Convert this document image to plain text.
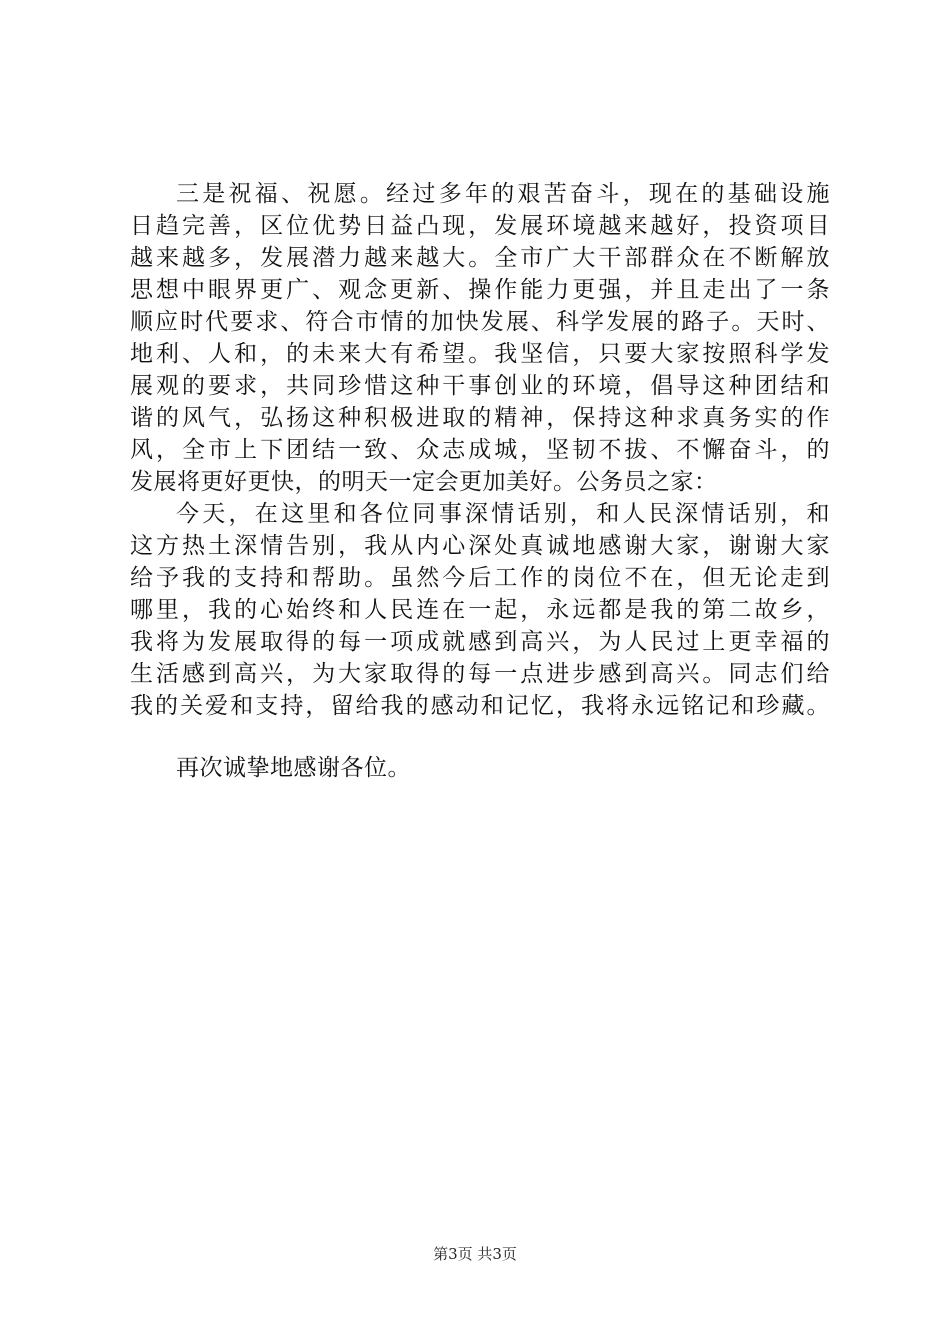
三是祝福、祝愿。经过多年的艰苦奋斗，现在的基础设施
日趋完善，区位优势日益凸现，发展环境越来越好，投资项目
越来越多，发展潜力越来越大。全市广大干部群众在不断解放
思想中眼界更广、观念更新、操作能力更强，并且走出了一条
顺应时代要求、符合市情的加快发展、科学发展的路子。天时、
地利、人和，的未来大有希望。我坚信，只要大家按照科学发
展观的要求，共同珍惜这种干事创业的环境，倡导这种团结和
谐的风气，弘扬这种积极进取的精神，保持这种求真务实的作
风，全市上下团结一致、众志成城，坚韧不拔、不懈奋斗，的
发展将更好更快，的明天一定会更加美好。公务员之家：
今天，在这里和各位同事深情话别，和人民深情话别，和
这方热土深情告别，我从内心深处真诚地感谢大家，谢谢大家
给予我的支持和帮助。虽然今后工作的岗位不在，但无论走到
哪里，我的心始终和人民连在一起，永远都是我的第二故乡，
我将为发展取得的每一项成就感到高兴，为人民过上更幸福的
生活感到高兴，为大家取得的每一点进步感到高兴。同志们给
我的关爱和支持，留给我的感动和记忆，我将永远铭记和珍藏。
再次诚挚地感谢各位。
第3页 共3页
